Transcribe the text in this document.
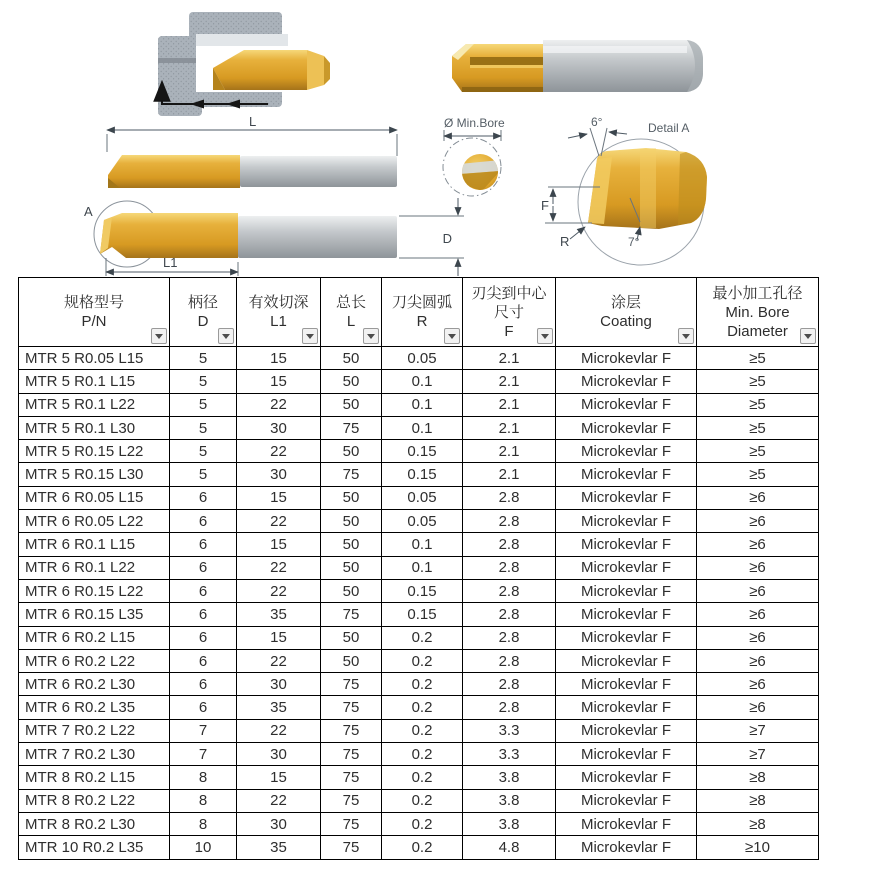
L
A
L1
D
Ø Min.Bore	Detail A
6°
F
R	7°
规格型号
P/N

柄径
D

有效切深
L1

总长
L

刀尖圆弧
R

刃尖到中心
尺寸
F

涂层
Coating

最小加工孔径
Min. Bore
Diameter

MTR 5 R0.05 L15	5	15	50	0.05	2.1	Microkevlar F	≥5
MTR 5 R0.1 L15	5	15	50	0.1	2.1	Microkevlar F	≥5
MTR 5 R0.1 L22	5	22	50	0.1	2.1	Microkevlar F	≥5
MTR 5 R0.1 L30	5	30	75	0.1	2.1	Microkevlar F	≥5
MTR 5 R0.15 L22	5	22	50	0.15	2.1	Microkevlar F	≥5
MTR 5 R0.15 L30	5	30	75	0.15	2.1	Microkevlar F	≥5
MTR 6 R0.05 L15	6	15	50	0.05	2.8	Microkevlar F	≥6
MTR 6 R0.05 L22	6	22	50	0.05	2.8	Microkevlar F	≥6
MTR 6 R0.1 L15	6	15	50	0.1	2.8	Microkevlar F	≥6
MTR 6 R0.1 L22	6	22	50	0.1	2.8	Microkevlar F	≥6
MTR 6 R0.15 L22	6	22	50	0.15	2.8	Microkevlar F	≥6
MTR 6 R0.15 L35	6	35	75	0.15	2.8	Microkevlar F	≥6
MTR 6 R0.2 L15	6	15	50	0.2	2.8	Microkevlar F	≥6
MTR 6 R0.2 L22	6	22	50	0.2	2.8	Microkevlar F	≥6
MTR 6 R0.2 L30	6	30	75	0.2	2.8	Microkevlar F	≥6
MTR 6 R0.2 L35	6	35	75	0.2	2.8	Microkevlar F	≥6
MTR 7 R0.2 L22	7	22	75	0.2	3.3	Microkevlar F	≥7
MTR 7 R0.2 L30	7	30	75	0.2	3.3	Microkevlar F	≥7
MTR 8 R0.2 L15	8	15	75	0.2	3.8	Microkevlar F	≥8
MTR 8 R0.2 L22	8	22	75	0.2	3.8	Microkevlar F	≥8
MTR 8 R0.2 L30	8	30	75	0.2	3.8	Microkevlar F	≥8
MTR 10 R0.2 L35	10	35	75	0.2	4.8	Microkevlar F	≥10
